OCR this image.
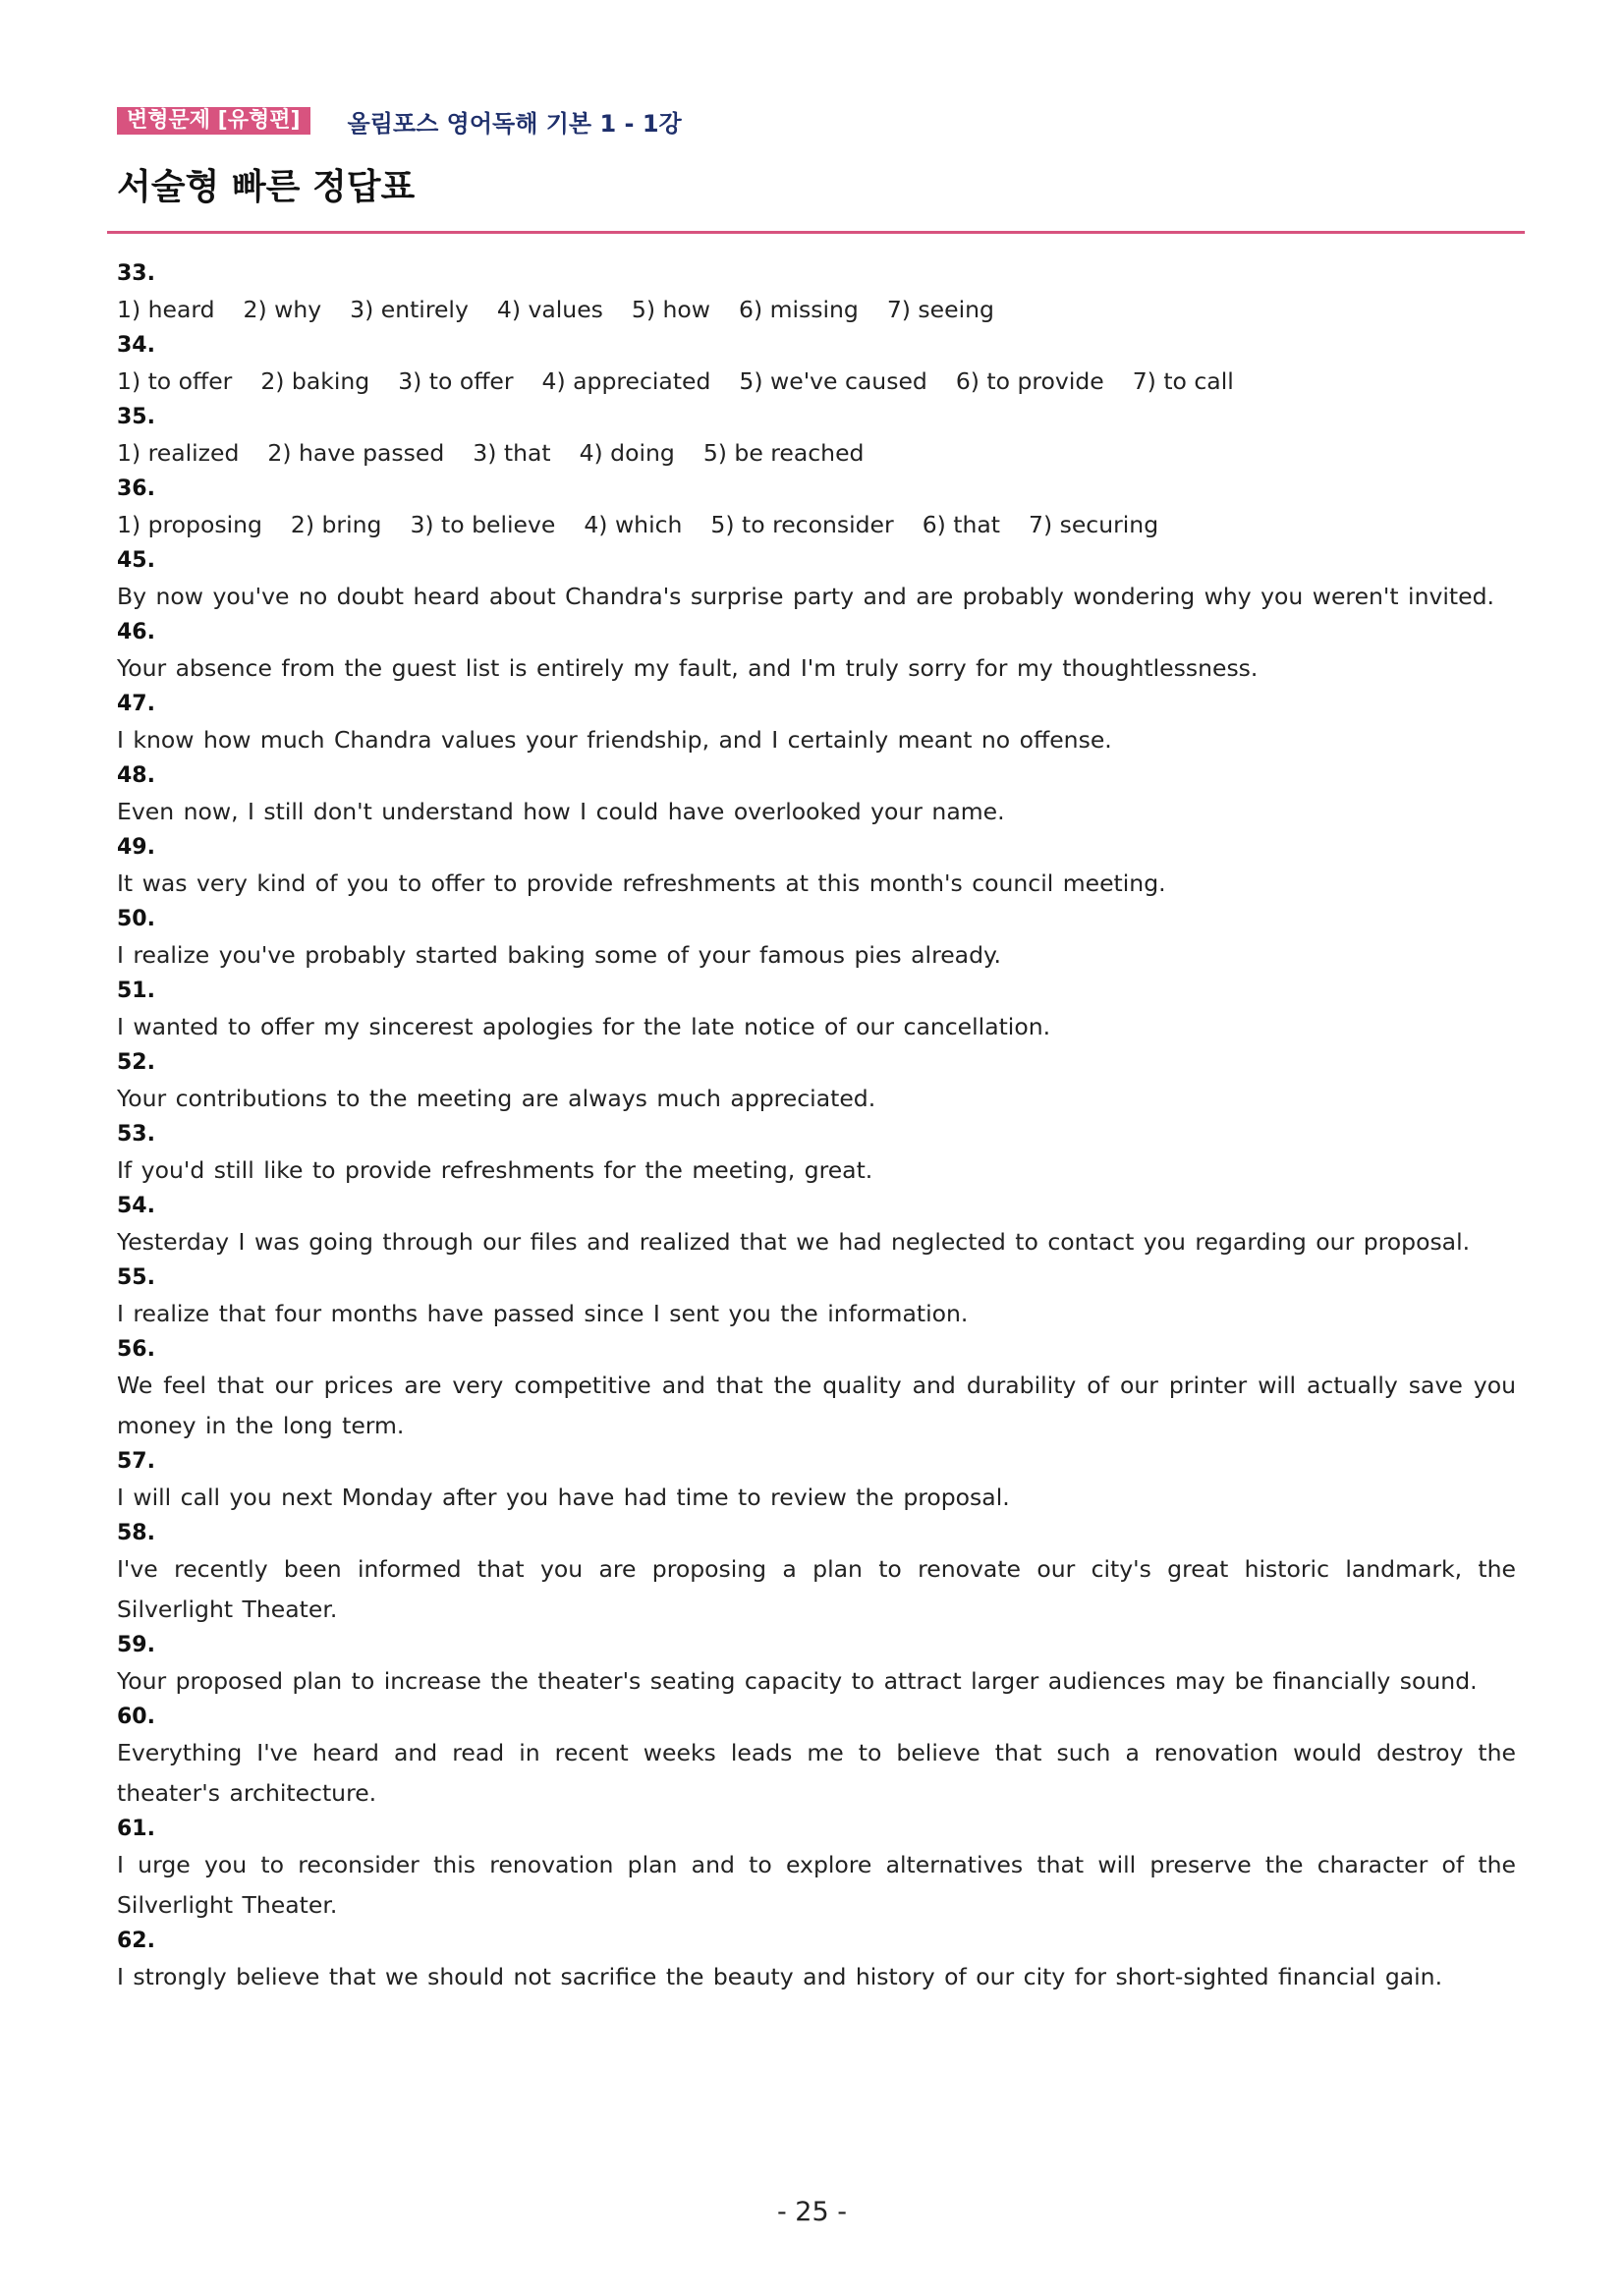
변형문제 [유형편]	올림포스 영어독해 기본 1 - 1강
서술형 빠른 정답표
33.
1) heard 2) why 3) entirely 4) values 5) how 6) missing 7) seeing
34.
1) to offer 2) baking 3) to offer 4) appreciated 5) we've caused 6) to provide 7) to call
35.
1) realized 2) have passed 3) that 4) doing 5) be reached
36.
1) proposing 2) bring 3) to believe 4) which 5) to reconsider 6) that 7) securing
45.
By now you've no doubt heard about Chandra's surprise party and are probably wondering why you weren't invited.
46.
Your absence from the guest list is entirely my fault, and I'm truly sorry for my thoughtlessness.
47.
I know how much Chandra values your friendship, and I certainly meant no offense.
48.
Even now, I still don't understand how I could have overlooked your name.
49.
It was very kind of you to offer to provide refreshments at this month's council meeting.
50.
I realize you've probably started baking some of your famous pies already.
51.
I wanted to offer my sincerest apologies for the late notice of our cancellation.
52.
Your contributions to the meeting are always much appreciated.
53.
If you'd still like to provide refreshments for the meeting, great.
54.
Yesterday I was going through our files and realized that we had neglected to contact you regarding our proposal.
55.
I realize that four months have passed since I sent you the information.
56.
We feel that our prices are very competitive and that the quality and durability of our printer will actually save you money in the long term.
57.
I will call you next Monday after you have had time to review the proposal.
58.
I've recently been informed that you are proposing a plan to renovate our city's great historic landmark, the Silverlight Theater.
59.
Your proposed plan to increase the theater's seating capacity to attract larger audiences may be financially sound.
60.
Everything I've heard and read in recent weeks leads me to believe that such a renovation would destroy the theater's architecture.
61.
I urge you to reconsider this renovation plan and to explore alternatives that will preserve the character of the Silverlight Theater.
62.
I strongly believe that we should not sacrifice the beauty and history of our city for short-sighted financial gain.
- 25 -
